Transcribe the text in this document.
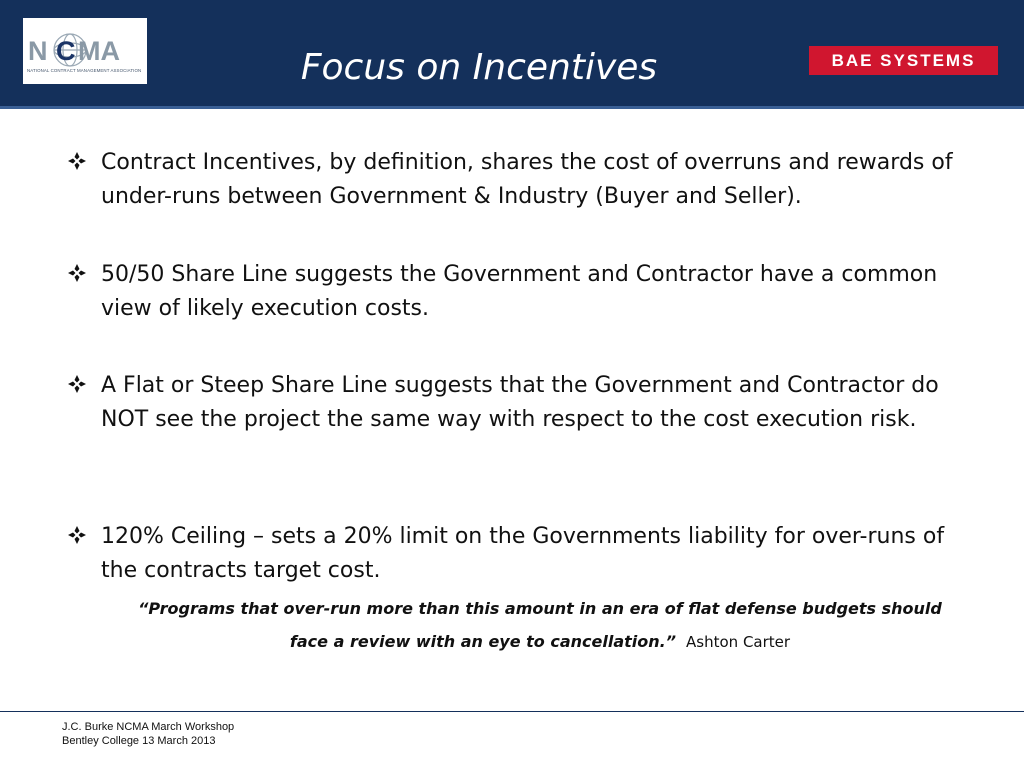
N C MA
NATIONAL CONTRACT MANAGEMENT ASSOCIATION	Focus on Incentives	BAE SYSTEMS
Contract Incentives, by definition, shares the cost of overruns and rewards of under-runs between Government & Industry (Buyer and Seller).
50/50 Share Line suggests the Government and Contractor have a common view of likely execution costs.
A Flat or Steep Share Line suggests that the Government and Contractor do NOT see the project the same way with respect to the cost execution risk.
120% Ceiling – sets a 20% limit on the Governments liability for over-runs of the contracts target cost.
“Programs that over-run more than this amount in an era of flat defense budgets should face a review with an eye to cancellation.” Ashton Carter
J.C. Burke NCMA March Workshop
Bentley College 13 March 2013
